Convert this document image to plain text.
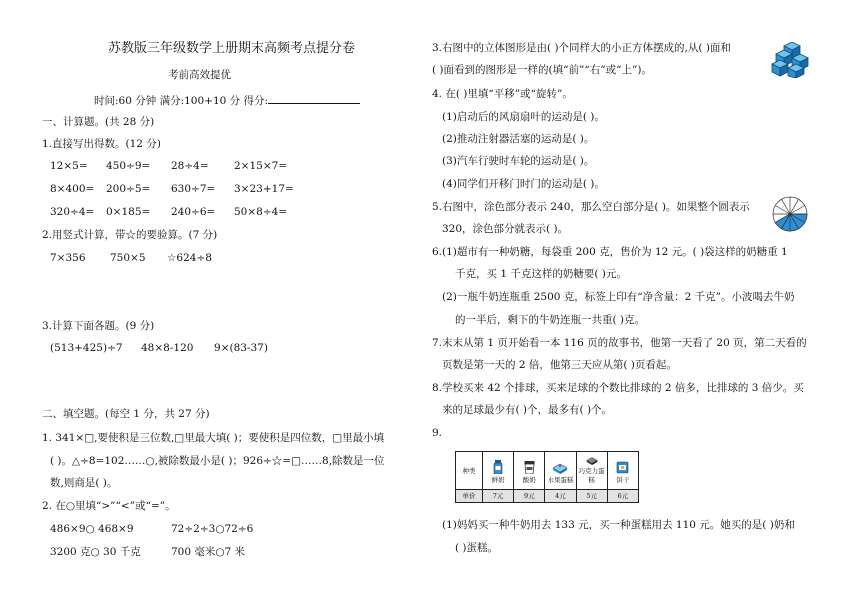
苏教版三年级数学上册期末高频考点提分卷
考前高效提优
时间:60 分钟 满分:100+10 分 得分:
一、计算题。(共 28 分)
1.直接写出得数。(12 分)
12×5= 450÷9= 28÷4= 2×15×7=
8×400= 200÷5= 630÷7= 3×23+17=
320÷4= 0×185= 240÷6= 50×8÷4=
2.用竖式计算，带☆的要验算。(7 分)
7×356 750×5 ☆624÷8
3.计算下面各题。(9 分)
(513+425)÷7 48×8-120 9×(83-37)
二、填空题。(每空 1 分，共 27 分)
1. 341×□,要使积是三位数,□里最大填( )；要使积是四位数，□里最小填
( )。△÷8=102……○,被除数最小是( )；926÷☆=□……8,除数是一位
数,则商是( )。
2. 在○里填“>”“<”或“=”。
486×9○ 468×9	72÷2÷3○72÷6
3200 克○ 30 千克	700 毫米○7 米
3.右图中的立体图形是由( )个同样大的小正方体摆成的,从( )面和
( )面看到的图形是一样的(填“前”“右”或“上”)。
4. 在( )里填“平移”或“旋转”。
(1)启动后的风扇扇叶的运动是( )。
(2)推动注射器活塞的运动是( )。
(3)汽车行驶时车轮的运动是( )。
(4)同学们开移门时门的运动是( )。
5.右图中，涂色部分表示 240，那么空白部分是( )。如果整个圆表示
320，涂色部分就表示( )。
6.(1)超市有一种奶糖，每袋重 200 克，售价为 12 元。( )袋这样的奶糖重 1
千克，买 1 千克这样的奶糖要( )元。
(2)一瓶牛奶连瓶重 2500 克，标签上印有“净含量：2 千克”。小波喝去牛奶
的一半后，剩下的牛奶连瓶一共重( )克。
7.末末从第 1 页开始看一本 116 页的故事书，他第一天看了 20 页，第二天看的
页数是第一天的 2 倍，他第三天应从第( )页看起。
8.学校买来 42 个排球，买来足球的个数比排球的 2 倍多，比排球的 3 倍少。买
来的足球最少有( )个，最多有( )个。
9.
种类	鲜奶	酸奶	水果蛋糕	巧克力蛋糕	饼干

单价	7元	9元	4元	5元	6元
(1)妈妈买一种牛奶用去 133 元，买一种蛋糕用去 110 元。她买的是( )奶和
( )蛋糕。
